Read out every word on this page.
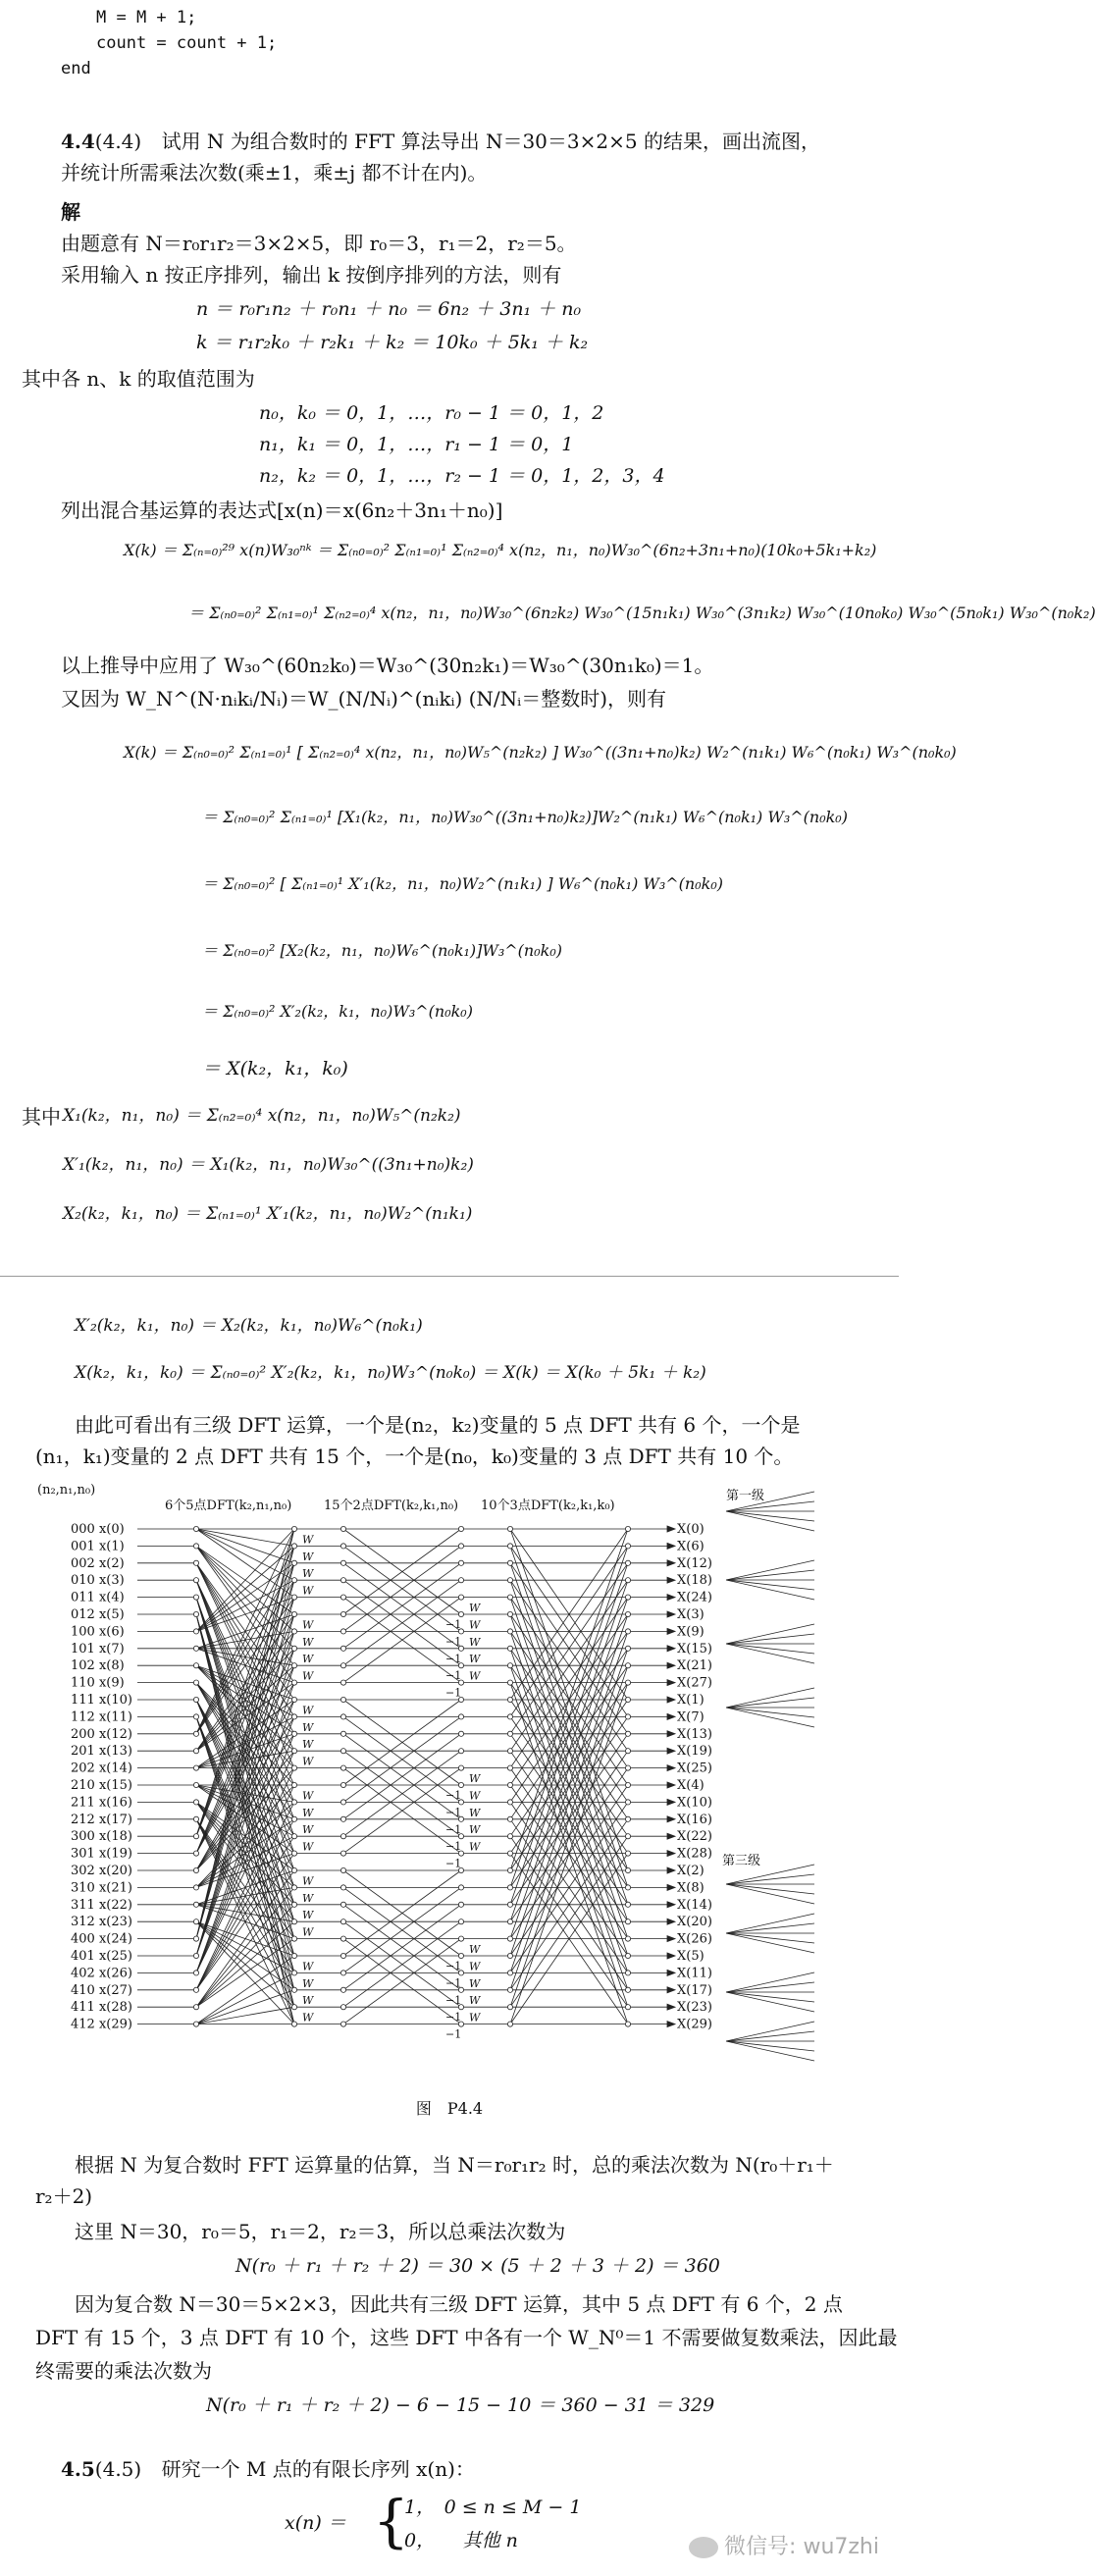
M = M + 1;
count = count + 1;
end
4.4(4.4) 试用 N 为组合数时的 FFT 算法导出 N＝30＝3×2×5 的结果，画出流图，
并统计所需乘法次数(乘±1，乘±j 都不计在内)。
解
由题意有 N＝r₀r₁r₂＝3×2×5，即 r₀＝3，r₁＝2，r₂＝5。
采用输入 n 按正序排列，输出 k 按倒序排列的方法，则有
n ＝ r₀r₁n₂ ＋ r₀n₁ ＋ n₀ ＝ 6n₂ ＋ 3n₁ ＋ n₀
k ＝ r₁r₂k₀ ＋ r₂k₁ ＋ k₂ ＝ 10k₀ ＋ 5k₁ ＋ k₂
其中各 n、k 的取值范围为
n₀，k₀ ＝ 0，1，…，r₀ − 1 ＝ 0，1，2
n₁，k₁ ＝ 0，1，…，r₁ − 1 ＝ 0，1
n₂，k₂ ＝ 0，1，…，r₂ − 1 ＝ 0，1，2，3，4
列出混合基运算的表达式[x(n)＝x(6n₂＋3n₁＋n₀)]
X(k) ＝ Σ₍ₙ₌₀₎²⁹ x(n)W₃₀ⁿᵏ ＝ Σ₍ₙ₀₌₀₎² Σ₍ₙ₁₌₀₎¹ Σ₍ₙ₂₌₀₎⁴ x(n₂，n₁，n₀)W₃₀^(6n₂+3n₁+n₀)(10k₀+5k₁+k₂)
＝ Σ₍ₙ₀₌₀₎² Σ₍ₙ₁₌₀₎¹ Σ₍ₙ₂₌₀₎⁴ x(n₂，n₁，n₀)W₃₀^(6n₂k₂) W₃₀^(15n₁k₁) W₃₀^(3n₁k₂) W₃₀^(10n₀k₀) W₃₀^(5n₀k₁) W₃₀^(n₀k₂)
以上推导中应用了 W₃₀^(60n₂k₀)＝W₃₀^(30n₂k₁)＝W₃₀^(30n₁k₀)＝1。
又因为 W_N^(N·nᵢkᵢ/Nᵢ)＝W_(N/Nᵢ)^(nᵢkᵢ) (N/Nᵢ＝整数时)，则有
X(k) ＝ Σ₍ₙ₀₌₀₎² Σ₍ₙ₁₌₀₎¹ [ Σ₍ₙ₂₌₀₎⁴ x(n₂，n₁，n₀)W₅^(n₂k₂) ] W₃₀^((3n₁+n₀)k₂) W₂^(n₁k₁) W₆^(n₀k₁) W₃^(n₀k₀)
＝ Σ₍ₙ₀₌₀₎² Σ₍ₙ₁₌₀₎¹ [X₁(k₂，n₁，n₀)W₃₀^((3n₁+n₀)k₂)]W₂^(n₁k₁) W₆^(n₀k₁) W₃^(n₀k₀)
＝ Σ₍ₙ₀₌₀₎² [ Σ₍ₙ₁₌₀₎¹ X′₁(k₂，n₁，n₀)W₂^(n₁k₁) ] W₆^(n₀k₁) W₃^(n₀k₀)
＝ Σ₍ₙ₀₌₀₎² [X₂(k₂，n₁，n₀)W₆^(n₀k₁)]W₃^(n₀k₀)
＝ Σ₍ₙ₀₌₀₎² X′₂(k₂，k₁，n₀)W₃^(n₀k₀)
＝ X(k₂，k₁，k₀)
其中 X₁(k₂，n₁，n₀) ＝ Σ₍ₙ₂₌₀₎⁴ x(n₂，n₁，n₀)W₅^(n₂k₂)
X′₁(k₂，n₁，n₀) ＝ X₁(k₂，n₁，n₀)W₃₀^((3n₁+n₀)k₂)
X₂(k₂，k₁，n₀) ＝ Σ₍ₙ₁₌₀₎¹ X′₁(k₂，n₁，n₀)W₂^(n₁k₁)
X′₂(k₂，k₁，n₀) ＝ X₂(k₂，k₁，n₀)W₆^(n₀k₁)
X(k₂，k₁，k₀) ＝ Σ₍ₙ₀₌₀₎² X′₂(k₂，k₁，n₀)W₃^(n₀k₀) ＝ X(k) ＝ X(k₀ ＋ 5k₁ ＋ k₂)
由此可看出有三级 DFT 运算，一个是(n₂，k₂)变量的 5 点 DFT 共有 6 个，一个是
(n₁，k₁)变量的 2 点 DFT 共有 15 个，一个是(n₀，k₀)变量的 3 点 DFT 共有 10 个。
(n₂,n₁,n₀)
6个5点DFT(k₂,n₁,n₀)	15个2点DFT(k₂,k₁,n₀) 10个3点DFT(k₂,k₁,k₀)
第一级
第三级
000 x(0)	X(0)
001 x(1)	X(6)
002 x(2)	X(12)
010 x(3)	X(18)
011 x(4)	X(24)
012 x(5)	X(3)
100 x(6)	X(9)
101 x(7)	X(15)
102 x(8)	X(21)
110 x(9)	X(27)
111 x(10)	X(1)
112 x(11)	X(7)
200 x(12)	X(13)
201 x(13)	X(19)
202 x(14)	X(25)
210 x(15)	X(4)
211 x(16)	X(10)
212 x(17)	X(16)
300 x(18)	X(22)
301 x(19)	X(28)
302 x(20)	X(2)
310 x(21)	X(8)
311 x(22)	X(14)
312 x(23)	X(20)
400 x(24)	X(26)
401 x(25)	X(5)
402 x(26)	X(11)
410 x(27)	X(17)
411 x(28)	X(23)
412 x(29)	X(29)
−1
−1
−1
−1
−1
−1
−1
−1
−1
−1
−1
−1
−1
−1
−1
W
W
W
W
W
W	W
W	W
W	W
W	W
W
W
W
W
W
W	W
W	W
W	W
W	W
W
W
W
W
W
W	W
W	W
W	W
W	W
图　P4.4
根据 N 为复合数时 FFT 运算量的估算，当 N＝r₀r₁r₂ 时，总的乘法次数为 N(r₀＋r₁＋
r₂＋2)
这里 N＝30，r₀＝5，r₁＝2，r₂＝3，所以总乘法次数为
N(r₀ ＋ r₁ ＋ r₂ ＋ 2) ＝ 30 × (5 ＋ 2 ＋ 3 ＋ 2) ＝ 360
因为复合数 N＝30＝5×2×3，因此共有三级 DFT 运算，其中 5 点 DFT 有 6 个，2 点
DFT 有 15 个，3 点 DFT 有 10 个，这些 DFT 中各有一个 W_N⁰＝1 不需要做复数乘法，因此最
终需要的乘法次数为
N(r₀ ＋ r₁ ＋ r₂ ＋ 2) − 6 − 15 − 10 ＝ 360 − 31 ＝ 329
4.5(4.5) 研究一个 M 点的有限长序列 x(n)：
x(n) ＝ {
1，　0 ≤ n ≤ M − 1
0，　　其他 n	微信号: wu7zhi
